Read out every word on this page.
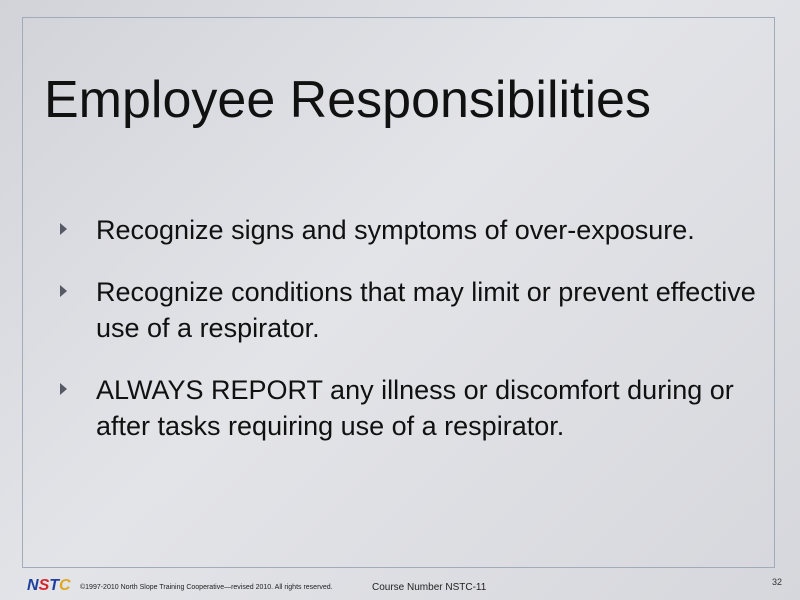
Employee Responsibilities
Recognize signs and symptoms of over-exposure.
Recognize conditions that may limit or prevent effective use of a respirator.
ALWAYS REPORT any illness or discomfort during or after tasks requiring use of a respirator.
N S T C ©1997-2010 North Slope Training Cooperative—revised 2010. All rights reserved.	Course Number NSTC-11	32
